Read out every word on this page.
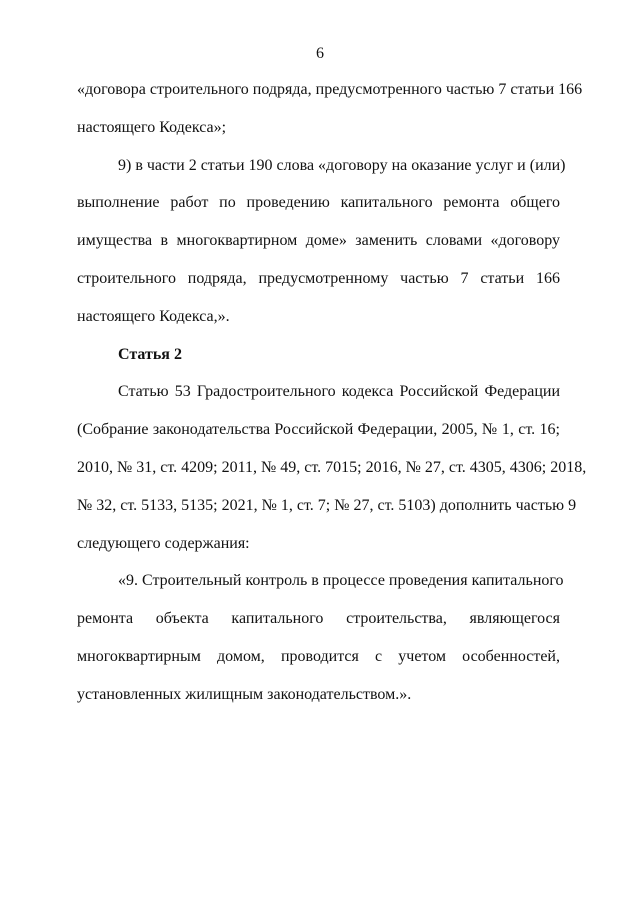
6
«договора строительного подряда, предусмотренного частью 7 статьи 166
настоящего Кодекса»;
9) в части 2 статьи 190 слова «договору на оказание услуг и (или)
выполнение работ по проведению капитального ремонта общего
имущества в многоквартирном доме» заменить словами «договору
строительного подряда, предусмотренному частью 7 статьи 166
настоящего Кодекса,».
Статья 2
Статью 53 Градостроительного кодекса Российской Федерации
(Собрание законодательства Российской Федерации, 2005, № 1, ст. 16;
2010, № 31, ст. 4209; 2011, № 49, ст. 7015; 2016, № 27, ст. 4305, 4306; 2018,
№ 32, ст. 5133, 5135; 2021, № 1, ст. 7; № 27, ст. 5103) дополнить частью 9
следующего содержания:
«9. Строительный контроль в процессе проведения капитального
ремонта объекта капитального строительства, являющегося
многоквартирным домом, проводится с учетом особенностей,
установленных жилищным законодательством.».
